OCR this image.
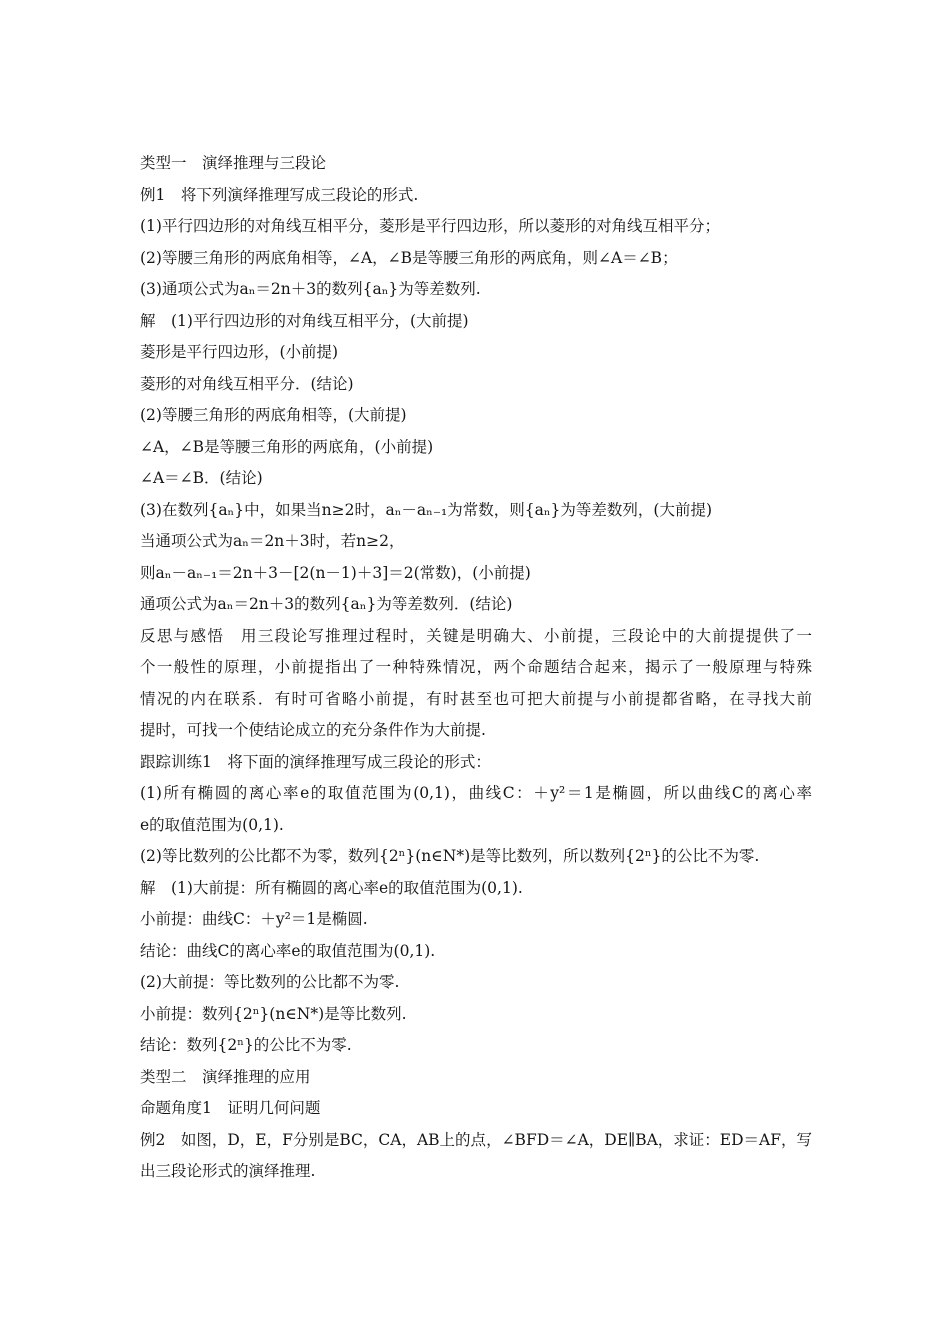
类型一　演绎推理与三段论
例1　将下列演绎推理写成三段论的形式.
(1)平行四边形的对角线互相平分，菱形是平行四边形，所以菱形的对角线互相平分；
(2)等腰三角形的两底角相等，∠A，∠B是等腰三角形的两底角，则∠A＝∠B；
(3)通项公式为aₙ＝2n＋3的数列{aₙ}为等差数列.
解　(1)平行四边形的对角线互相平分，(大前提)
菱形是平行四边形，(小前提)
菱形的对角线互相平分．(结论)
(2)等腰三角形的两底角相等，(大前提)
∠A，∠B是等腰三角形的两底角，(小前提)
∠A＝∠B．(结论)
(3)在数列{aₙ}中，如果当n≥2时，aₙ－aₙ₋₁为常数，则{aₙ}为等差数列，(大前提)
当通项公式为aₙ＝2n＋3时，若n≥2，
则aₙ－aₙ₋₁＝2n＋3－[2(n－1)＋3]＝2(常数)，(小前提)
通项公式为aₙ＝2n＋3的数列{aₙ}为等差数列．(结论)
反思与感悟　用三段论写推理过程时，关键是明确大、小前提，三段论中的大前提提供了一
个一般性的原理，小前提指出了一种特殊情况，两个命题结合起来，揭示了一般原理与特殊
情况的内在联系．有时可省略小前提，有时甚至也可把大前提与小前提都省略，在寻找大前
提时，可找一个使结论成立的充分条件作为大前提.
跟踪训练1　将下面的演绎推理写成三段论的形式：
(1)所有椭圆的离心率e的取值范围为(0,1)，曲线C：＋y²＝1是椭圆，所以曲线C的离心率
e的取值范围为(0,1).
(2)等比数列的公比都不为零，数列{2ⁿ}(n∈N*)是等比数列，所以数列{2ⁿ}的公比不为零.
解　(1)大前提：所有椭圆的离心率e的取值范围为(0,1).
小前提：曲线C：＋y²＝1是椭圆.
结论：曲线C的离心率e的取值范围为(0,1).
(2)大前提：等比数列的公比都不为零.
小前提：数列{2ⁿ}(n∈N*)是等比数列.
结论：数列{2ⁿ}的公比不为零.
类型二　演绎推理的应用
命题角度1　证明几何问题
例2　如图，D，E，F分别是BC，CA，AB上的点，∠BFD＝∠A，DE∥BA，求证：ED＝AF，写
出三段论形式的演绎推理.
